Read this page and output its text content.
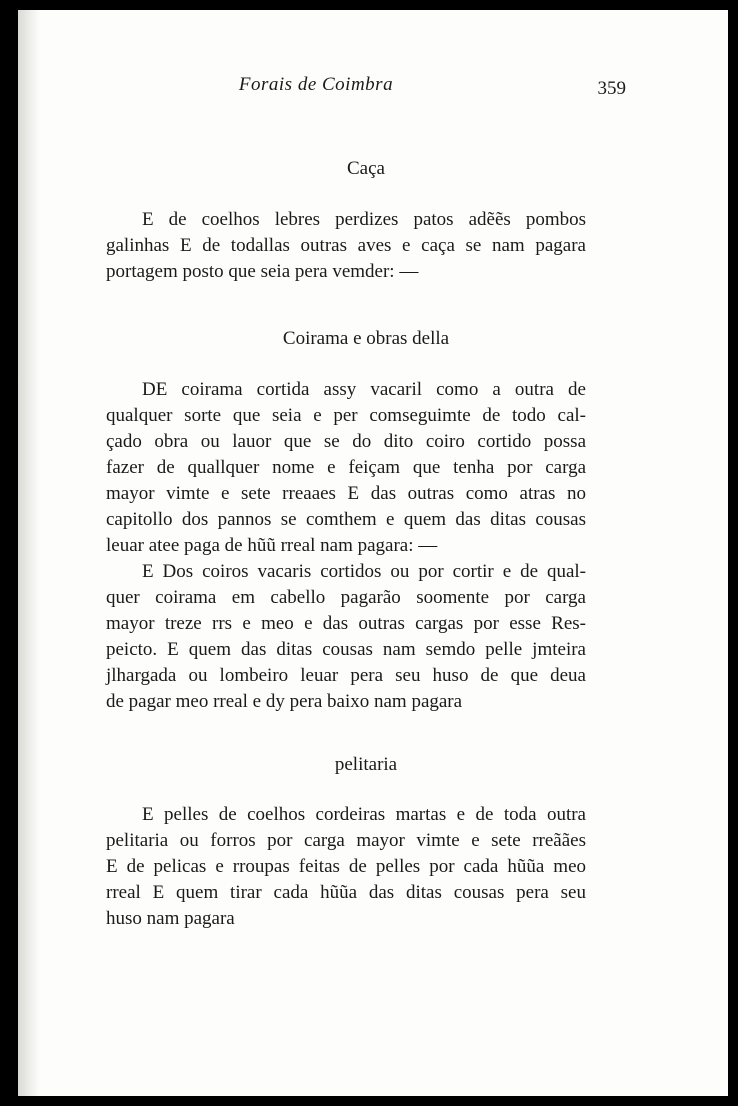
Forais de Coimbra	359
Caça
E de coelhos lebres perdizes patos adẽẽs pombos
galinhas E de todallas outras aves e caça se nam pagara
portagem posto que seia pera vemder: —
Coirama e obras della
DE coirama cortida assy vacaril como a outra de
qualquer sorte que seia e per comseguimte de todo cal-
çado obra ou lauor que se do dito coiro cortido possa
fazer de quallquer nome e feiçam que tenha por carga
mayor vimte e sete rreaaes E das outras como atras no
capitollo dos pannos se comthem e quem das ditas cousas
leuar atee paga de hũũ rreal nam pagara: —
E Dos coiros vacaris cortidos ou por cortir e de qual-
quer coirama em cabello pagarão soomente por carga
mayor treze rrs e meo e das outras cargas por esse Res-
peicto. E quem das ditas cousas nam semdo pelle jmteira
jlhargada ou lombeiro leuar pera seu huso de que deua
de pagar meo rreal e dy pera baixo nam pagara
pelitaria
E pelles de coelhos cordeiras martas e de toda outra
pelitaria ou forros por carga mayor vimte e sete rreãães
E de pelicas e rroupas feitas de pelles por cada hũũa meo
rreal E quem tirar cada hũũa das ditas cousas pera seu
huso nam pagara
